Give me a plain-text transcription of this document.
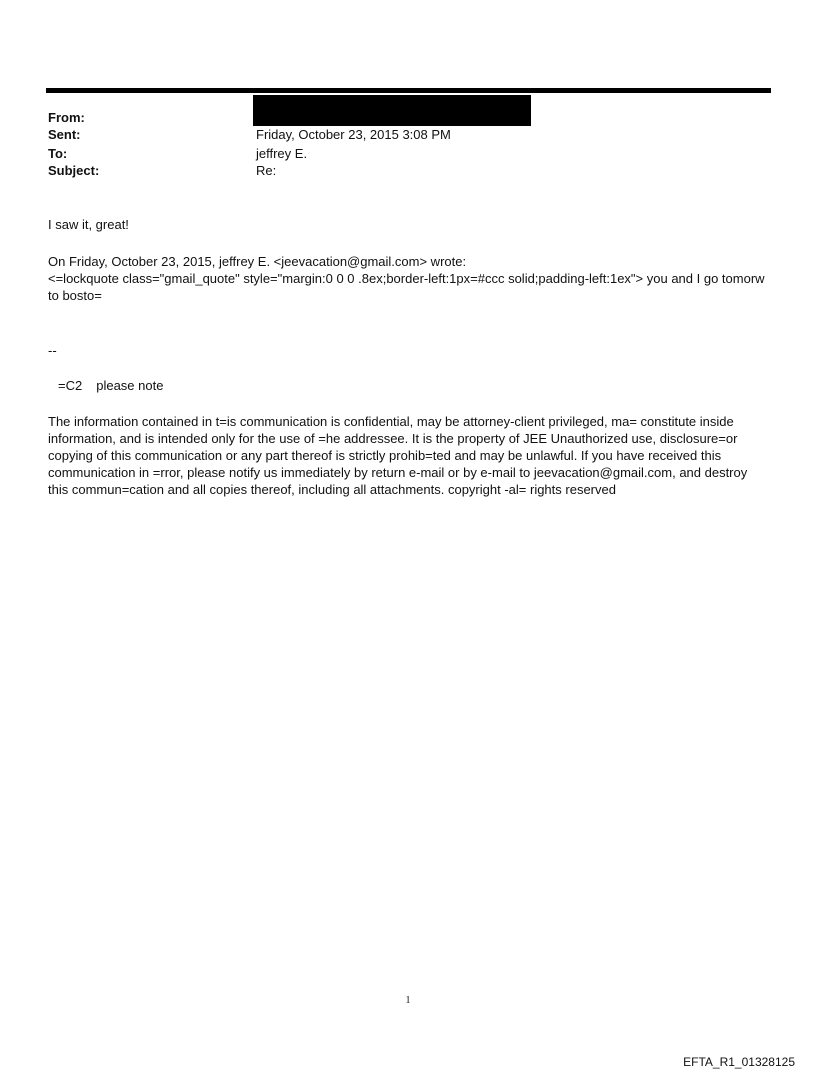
From:
Sent:	Friday, October 23, 2015 3:08 PM
To:	jeffrey E.
Subject:	Re:
I saw it, great!
On Friday, October 23, 2015, jeffrey E. <jeevacation@gmail.com> wrote:
<=lockquote class="gmail_quote" style="margin:0 0 0 .8ex;border-left:1px=#ccc solid;padding-left:1ex"> you and I go tomorw to bosto=
--
=C2 please note
The information contained in t=is communication is confidential, may be attorney-client privileged, ma= constitute inside information, and is intended only for the use of =he addressee. It is the property of JEE Unauthorized use, disclosure=or copying of this communication or any part thereof is strictly prohib=ted and may be unlawful. If you have received this communication in =rror, please notify us immediately by return e-mail or by e-mail to jeevacation@gmail.com, and destroy this commun=cation and all copies thereof, including all attachments. copyright -al= rights reserved
1
EFTA_R1_01328125
